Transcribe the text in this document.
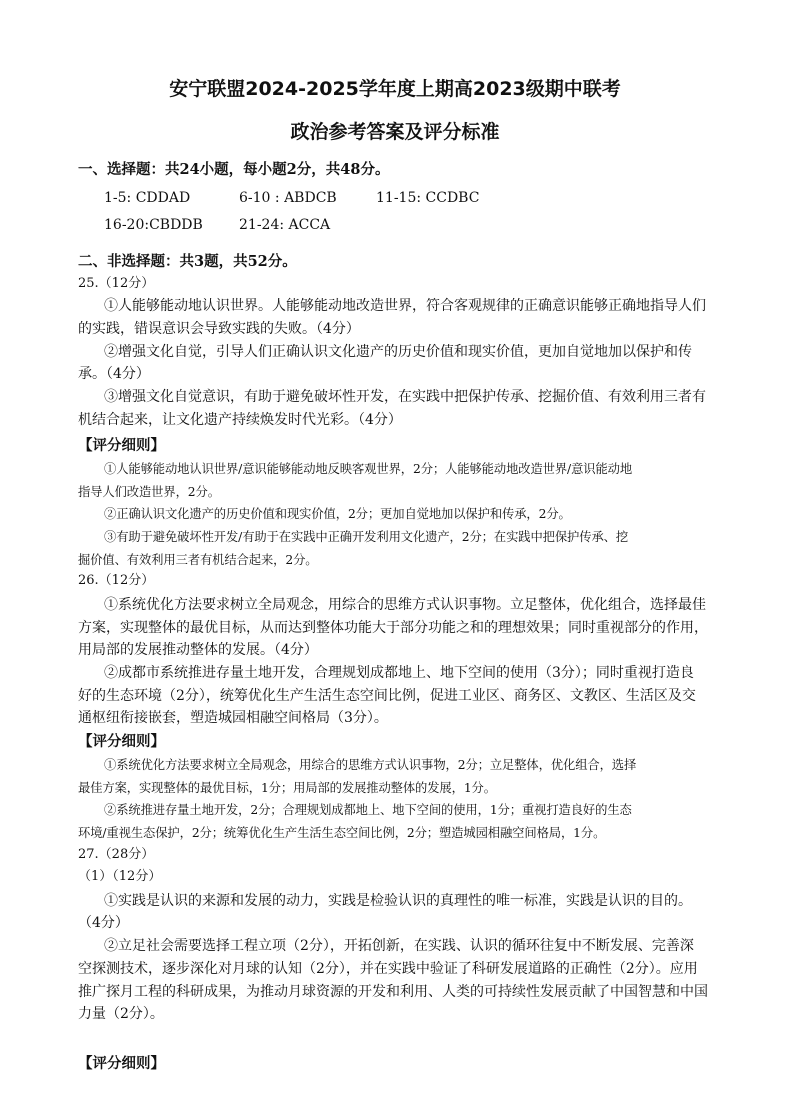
安宁联盟2024-2025学年度上期高2023级期中联考
政治参考答案及评分标准
一、选择题：共24小题，每小题2分，共48分。
1-5: CDDAD	6-10 : ABDCB	11-15: CCDBC
16-20:CBDDB	21-24: ACCA
二、非选择题：共3题，共52分。
25.（12分）
①人能够能动地认识世界。人能够能动地改造世界，符合客观规律的正确意识能够正确地指导人们
的实践，错误意识会导致实践的失败。（4分）
②增强文化自觉，引导人们正确认识文化遗产的历史价值和现实价值，更加自觉地加以保护和传
承。（4分）
③增强文化自觉意识，有助于避免破坏性开发，在实践中把保护传承、挖掘价值、有效利用三者有
机结合起来，让文化遗产持续焕发时代光彩。（4分）
【评分细则】
①人能够能动地认识世界/意识能够能动地反映客观世界，2分；人能够能动地改造世界/意识能动地
指导人们改造世界，2分。
②正确认识文化遗产的历史价值和现实价值，2分；更加自觉地加以保护和传承，2分。
③有助于避免破坏性开发/有助于在实践中正确开发利用文化遗产，2分；在实践中把保护传承、挖
掘价值、有效利用三者有机结合起来，2分。
26.（12分）
①系统优化方法要求树立全局观念，用综合的思维方式认识事物。立足整体，优化组合，选择最佳
方案，实现整体的最优目标，从而达到整体功能大于部分功能之和的理想效果；同时重视部分的作用，
用局部的发展推动整体的发展。（4分）
②成都市系统推进存量土地开发，合理规划成都地上、地下空间的使用（3分）；同时重视打造良
好的生态环境（2分），统筹优化生产生活生态空间比例，促进工业区、商务区、文教区、生活区及交
通枢纽衔接嵌套，塑造城园相融空间格局（3分）。
【评分细则】
①系统优化方法要求树立全局观念，用综合的思维方式认识事物，2分；立足整体，优化组合，选择
最佳方案，实现整体的最优目标，1分；用局部的发展推动整体的发展，1分。
②系统推进存量土地开发，2分；合理规划成都地上、地下空间的使用，1分；重视打造良好的生态
环境/重视生态保护，2分；统筹优化生产生活生态空间比例，2分；塑造城园相融空间格局，1分。
27.（28分）
（1）（12分）
①实践是认识的来源和发展的动力，实践是检验认识的真理性的唯一标准，实践是认识的目的。
（4分）
②立足社会需要选择工程立项（2分），开拓创新，在实践、认识的循环往复中不断发展、完善深
空探测技术，逐步深化对月球的认知（2分），并在实践中验证了科研发展道路的正确性（2分）。应用
推广探月工程的科研成果，为推动月球资源的开发和利用、人类的可持续性发展贡献了中国智慧和中国
力量（2分）。
【评分细则】
